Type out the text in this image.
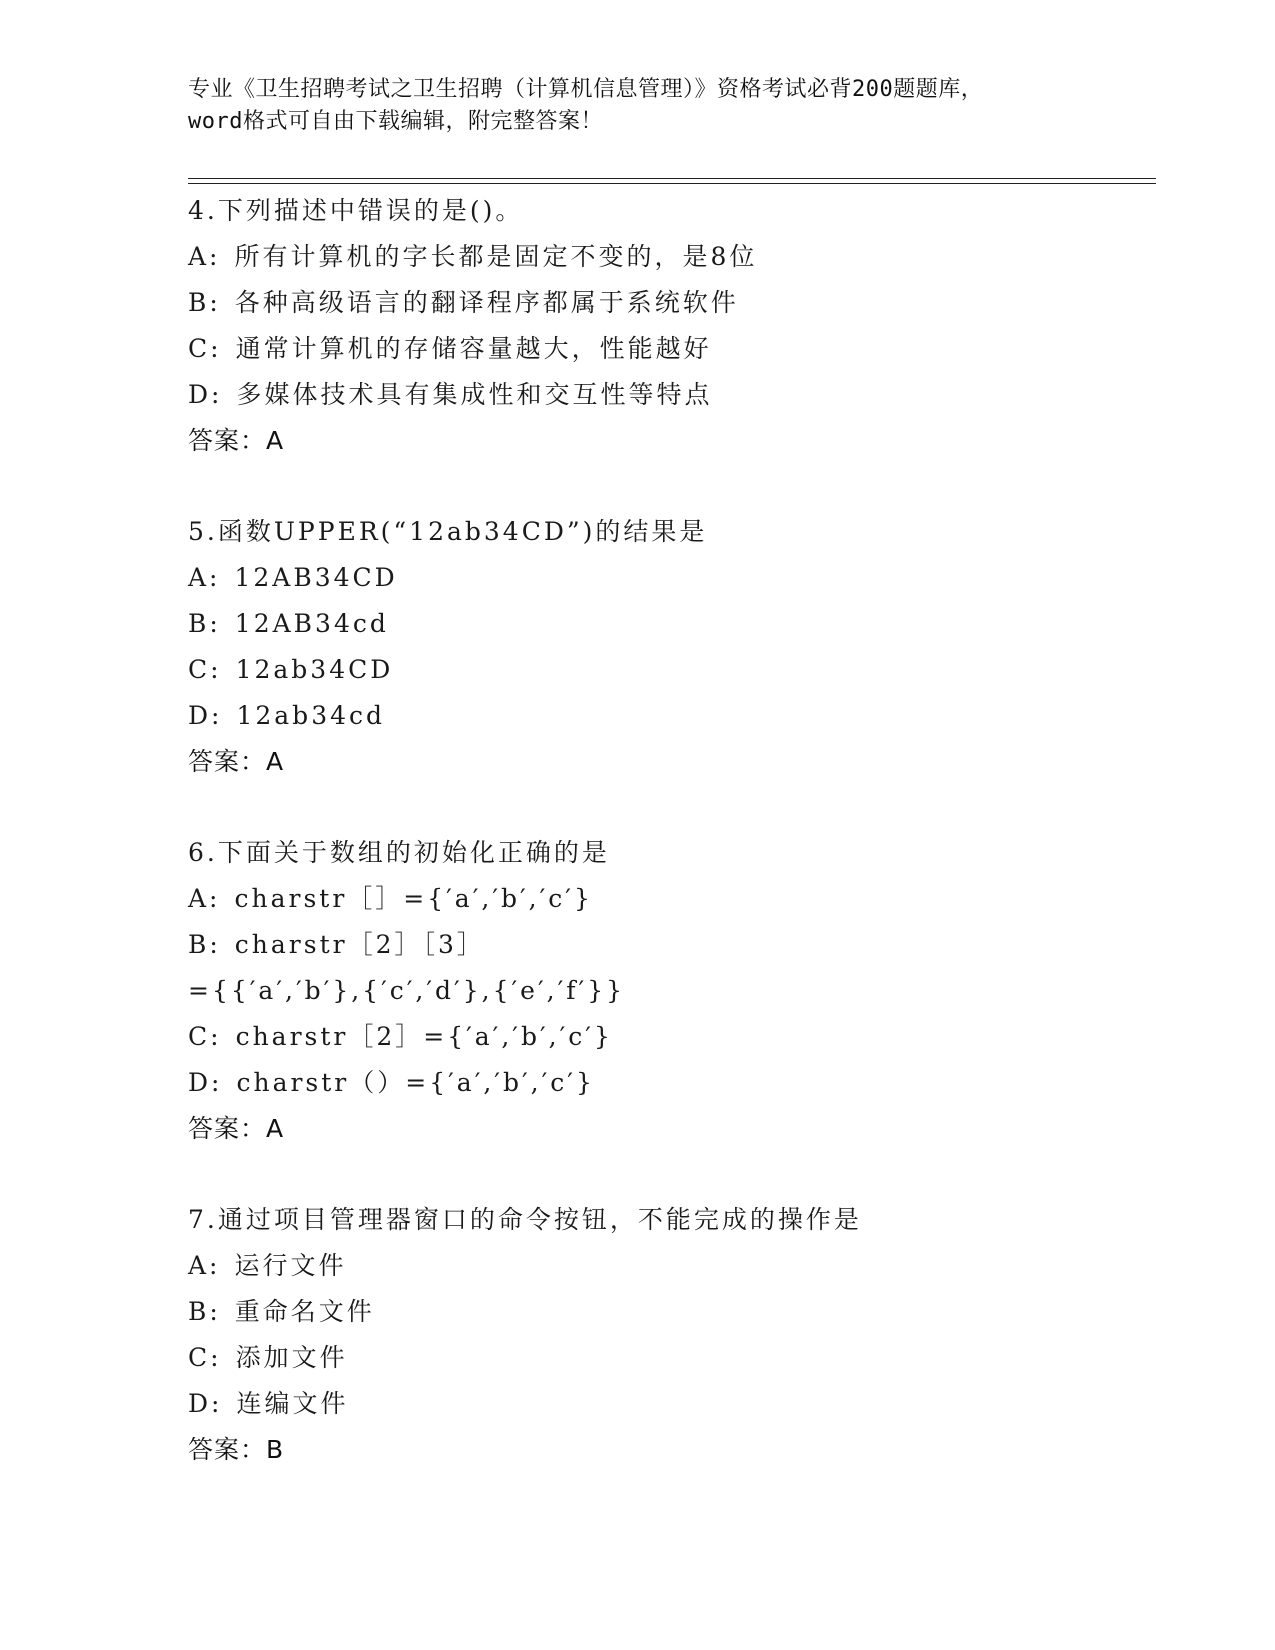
专业《卫生招聘考试之卫生招聘（计算机信息管理）》资格考试必背200题题库，
word格式可自由下载编辑，附完整答案！
4.下列描述中错误的是()。
A: 所有计算机的字长都是固定不变的，是8位
B: 各种高级语言的翻译程序都属于系统软件
C: 通常计算机的存储容量越大，性能越好
D: 多媒体技术具有集成性和交互性等特点
答案：A
5.函数UPPER(“12ab34CD”)的结果是
A: 12AB34CD
B: 12AB34cd
C: 12ab34CD
D: 12ab34cd
答案：A
6.下面关于数组的初始化正确的是
A: charstr［］={′a′,′b′,′c′}
B: charstr［2］［3］
={{′a′,′b′},{′c′,′d′},{′e′,′f′}}
C: charstr［2］={′a′,′b′,′c′}
D: charstr（）={′a′,′b′,′c′}
答案：A
7.通过项目管理器窗口的命令按钮，不能完成的操作是
A: 运行文件
B: 重命名文件
C: 添加文件
D: 连编文件
答案：B
